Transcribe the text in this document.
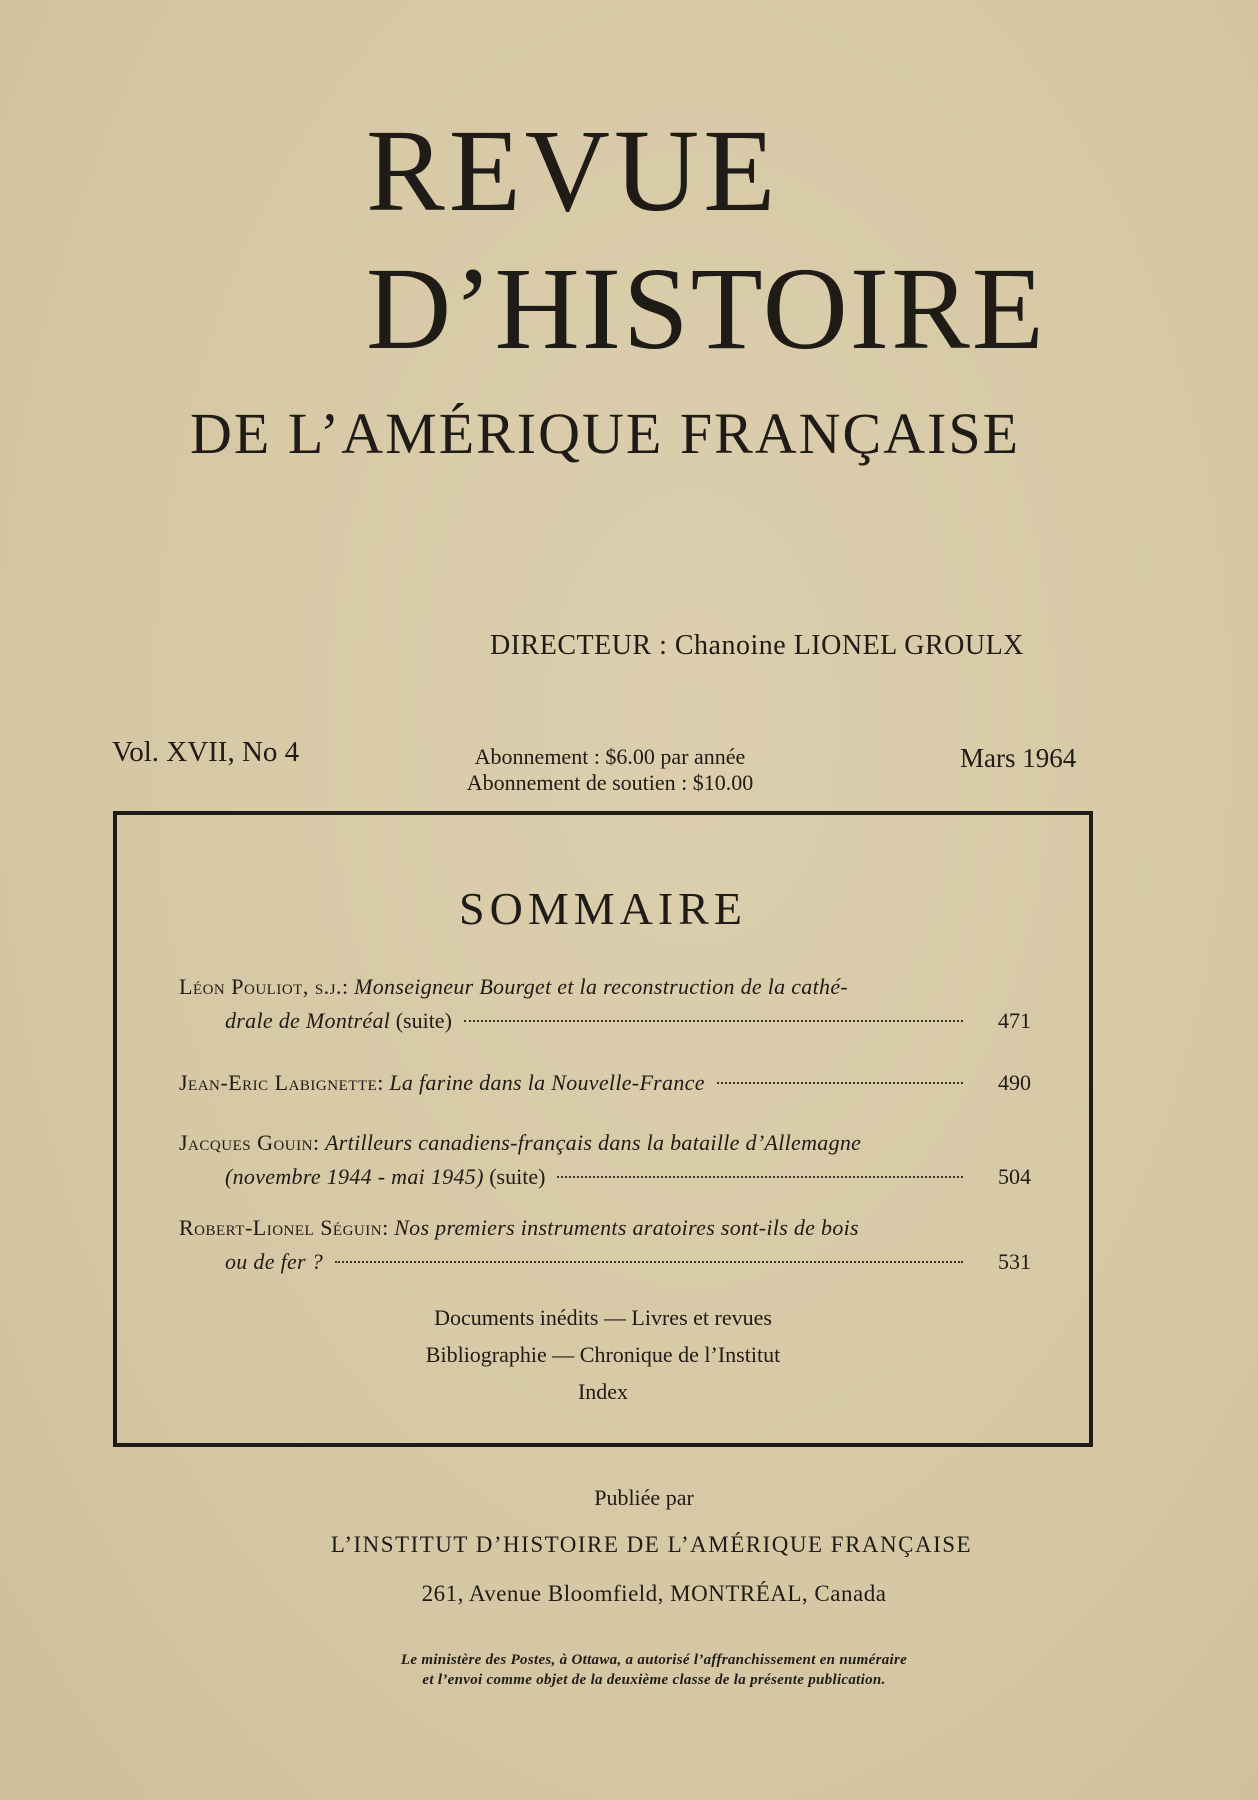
REVUE
D’HISTOIRE
DE L’AMÉRIQUE FRANÇAISE
DIRECTEUR : Chanoine LIONEL GROULX
Vol. XVII, No 4	Abonnement : $6.00 par année
Abonnement de soutien : $10.00
Mars 1964
SOMMAIRE
Léon Pouliot, s.j.: Monseigneur Bourget et la reconstruction de la cathé-
drale de Montréal
(suite)	471
Jean-Eric Labignette:
La farine dans la Nouvelle-France	490
Jacques Gouin: Artilleurs canadiens-français dans la bataille d’Allemagne
(novembre 1944 - mai 1945)
(suite)	504
Robert-Lionel Séguin: Nos premiers instruments aratoires sont-ils de bois
ou de fer ?	531
Documents inédits — Livres et revues
Bibliographie — Chronique de l’Institut
Index
Publiée par
L’INSTITUT D’HISTOIRE DE L’AMÉRIQUE FRANÇAISE
261, Avenue Bloomfield, MONTRÉAL, Canada
Le ministère des Postes, à Ottawa, a autorisé l’affranchissement en numéraire
et l’envoi comme objet de la deuxième classe de la présente publication.
